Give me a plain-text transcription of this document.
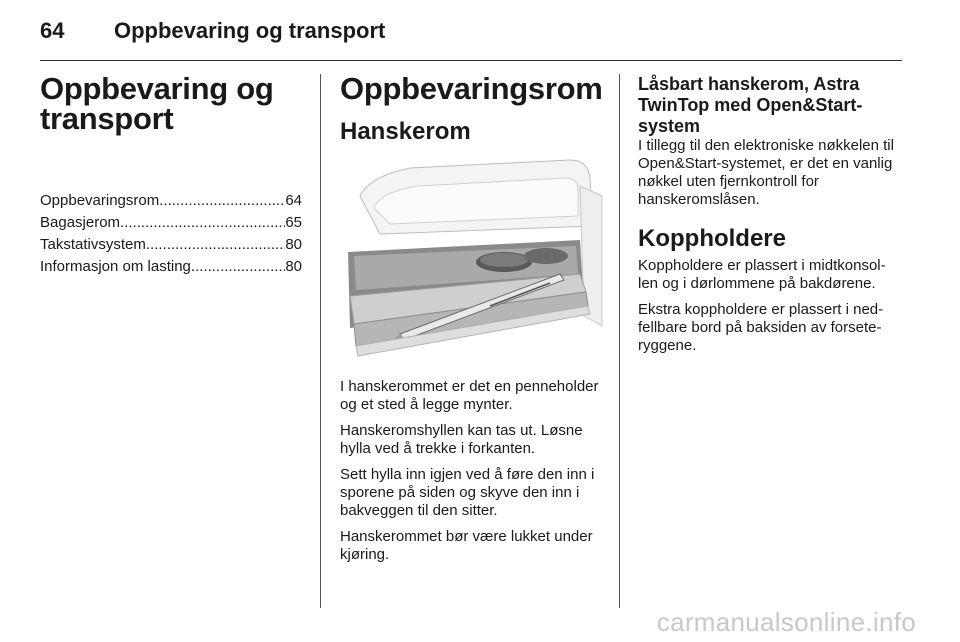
64 Oppbevaring og transport
Oppbevaring og transport
Oppbevaringsrom .....	64
Bagasjerom .....	65
Takstativsystem .....	80
Informasjon om lasting .....	80
Oppbevaringsrom
Hanskerom

I hanskerommet er det en penneholder og et sted å legge mynter.

Hanskeromshyllen kan tas ut. Løsne hylla ved å trekke i forkanten.

Sett hylla inn igjen ved å føre den inn i sporene på siden og skyve den inn i bakveggen til den sitter.

Hanskerommet bør være lukket under kjøring.

Låsbart hanskerom, Astra TwinTop med Open&Start-system

I tillegg til den elektroniske nøkkelen til Open&Start-systemet, er det en vanlig nøkkel uten fjernkontroll for hanskeromslåsen.

Koppholdere

Koppholdere er plassert i midtkonsollen og i dørlommene på bakdørene.

Ekstra koppholdere er plassert i nedfellbare bord på baksiden av forseteryggene.

carmanualsonline.info
